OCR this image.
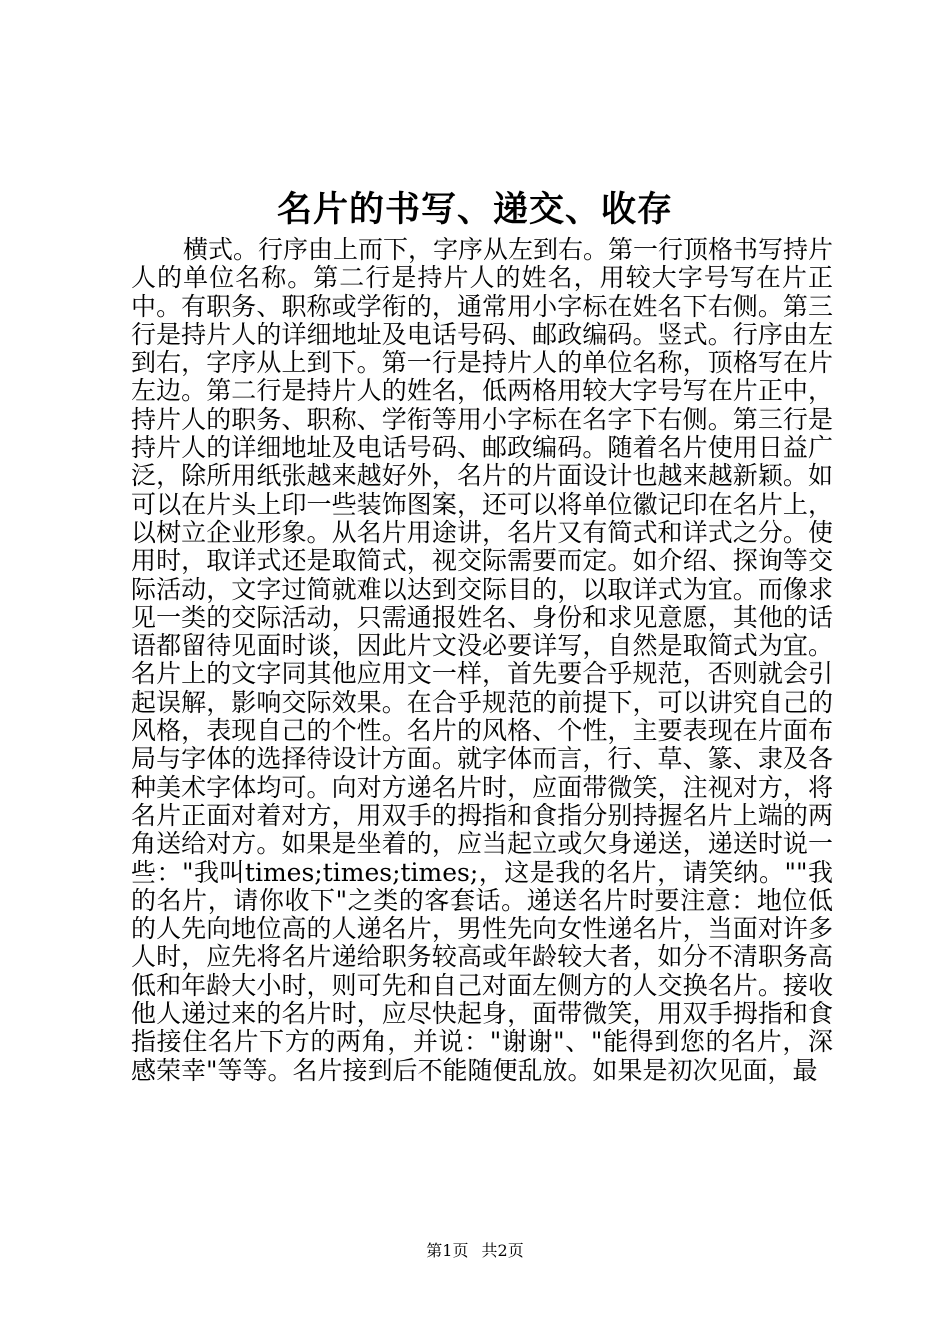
名片的书写、递交、收存

横式。行序由上而下，字序从左到右。第一行顶格书写持片人的单位名称。第二行是持片人的姓名，用较大字号写在片正中。有职务、职称或学衔的，通常用小字标在姓名下右侧。第三行是持片人的详细地址及电话号码、邮政编码。竖式。行序由左到右，字序从上到下。第一行是持片人的单位名称，顶格写在片左边。第二行是持片人的姓名，低两格用较大字号写在片正中，持片人的职务、职称、学衔等用小字标在名字下右侧。第三行是持片人的详细地址及电话号码、邮政编码。随着名片使用日益广泛，除所用纸张越来越好外，名片的片面设计也越来越新颖。如可以在片头上印一些装饰图案，还可以将单位徽记印在名片上，以树立企业形象。从名片用途讲，名片又有简式和详式之分。使用时，取详式还是取简式，视交际需要而定。如介绍、探询等交际活动，文字过简就难以达到交际目的，以取详式为宜。而像求见一类的交际活动，只需通报姓名、身份和求见意愿，其他的话语都留待见面时谈，因此片文没必要详写，自然是取简式为宜。名片上的文字同其他应用文一样，首先要合乎规范，否则就会引起误解，影响交际效果。在合乎规范的前提下，可以讲究自己的风格，表现自己的个性。名片的风格、个性，主要表现在片面布局与字体的选择待设计方面。就字体而言，行、草、篆、隶及各种美术字体均可。向对方递名片时，应面带微笑，注视对方，将名片正面对着对方，用双手的拇指和食指分别持握名片上端的两角送给对方。如果是坐着的，应当起立或欠身递送，递送时说一些："我叫times;times;times;，这是我的名片，请笑纳。""我的名片，请你收下"之类的客套话。递送名片时要注意：地位低的人先向地位高的人递名片，男性先向女性递名片，当面对许多人时，应先将名片递给职务较高或年龄较大者，如分不清职务高低和年龄大小时，则可先和自己对面左侧方的人交换名片。接收他人递过来的名片时，应尽快起身，面带微笑，用双手拇指和食指接住名片下方的两角，并说："谢谢"、"能得到您的名片，深感荣幸"等等。名片接到后不能随便乱放。如果是初次见面，最

第1页 共2页
